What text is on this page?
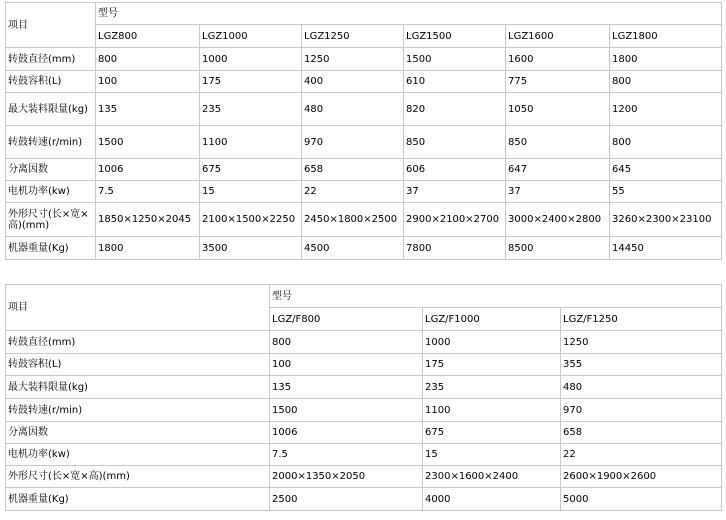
项目	型号					
	LGZ800	LGZ1000	LGZ1250	LGZ1500	LGZ1600	LGZ1800
转鼓直径(mm)	800	1000	1250	1500	1600	1800
转鼓容积(L)	100	175	400	610	775	800
最大装料限量(kg)	135	235	480	820	1050	1200
转鼓转速(r/min)	1500	1100	970	850	850	800
分离因数	1006	675	658	606	647	645
电机功率(kw)	7.5	15	22	37	37	55
外形尺寸(长×宽×高)(mm)	1850×1250×2045	2100×1500×2250	2450×1800×2500	2900×2100×2700	3000×2400×2800	3260×2300×23100
机器重量(Kg)	1800	3500	4500	7800	8500	14450
项目	型号		
	LGZ/F800	LGZ/F1000	LGZ/F1250
转鼓直径(mm)	800	1000	1250
转鼓容积(L)	100	175	355
最大装料限量(kg)	135	235	480
转鼓转速(r/min)	1500	1100	970
分离因数	1006	675	658
电机功率(kw)	7.5	15	22
外形尺寸(长×宽×高)(mm)	2000×1350×2050	2300×1600×2400	2600×1900×2600
机器重量(Kg)	2500	4000	5000
